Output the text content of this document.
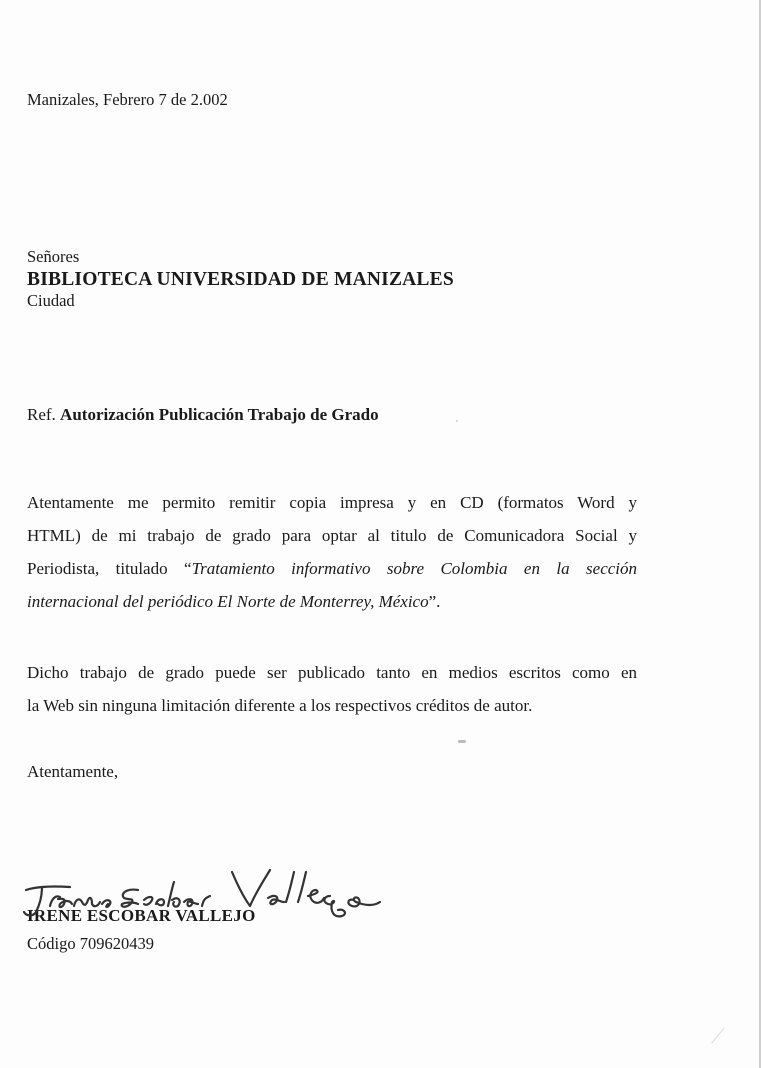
Manizales, Febrero 7 de 2.002
Señores
BIBLIOTECA UNIVERSIDAD DE MANIZALES
Ciudad
Ref. Autorización Publicación Trabajo de Grado
Atentamente me permito remitir copia impresa y en CD (formatos Word y
HTML) de mi trabajo de grado para optar al titulo de Comunicadora Social y
Periodista, titulado “Tratamiento informativo sobre Colombia en la sección
internacional del periódico El Norte de Monterrey, México”.
Dicho trabajo de grado puede ser publicado tanto en medios escritos como en
la Web sin ninguna limitación diferente a los respectivos créditos de autor.
Atentamente,
IRENE ESCOBAR VALLEJO
Código 709620439
